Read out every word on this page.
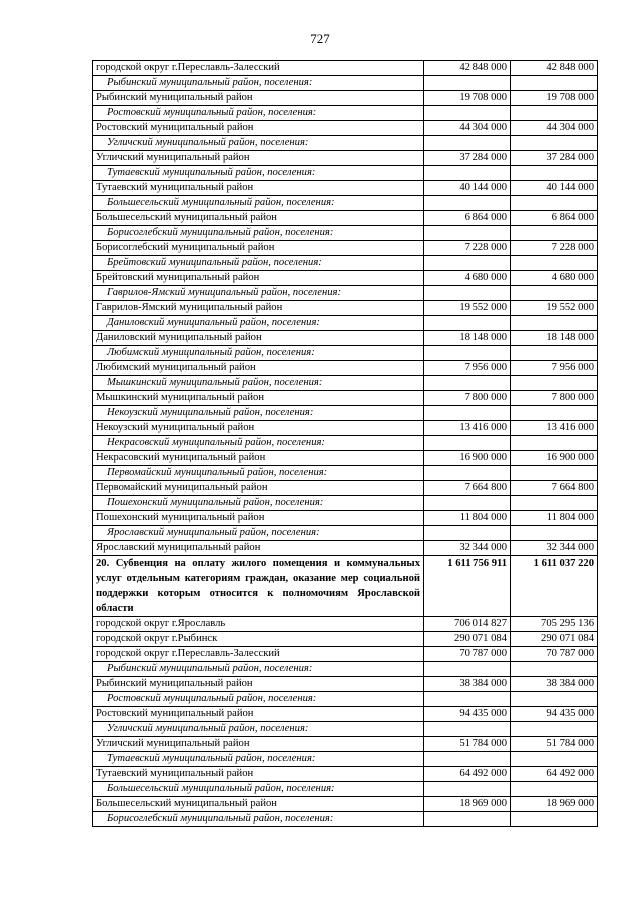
727
городской округ г.Переславль-Залесский	42 848 000	42 848 000
Рыбинский муниципальный район, поселения:		
Рыбинский муниципальный район	19 708 000	19 708 000
Ростовский муниципальный район, поселения:		
Ростовский муниципальный район	44 304 000	44 304 000
Угличский муниципальный район, поселения:		
Угличский муниципальный район	37 284 000	37 284 000
Тутаевский муниципальный район, поселения:		
Тутаевский муниципальный район	40 144 000	40 144 000
Большесельский муниципальный район, поселения:		
Большесельский муниципальный район	6 864 000	6 864 000
Борисоглебский муниципальный район, поселения:		
Борисоглебский муниципальный район	7 228 000	7 228 000
Брейтовский муниципальный район, поселения:		
Брейтовский муниципальный район	4 680 000	4 680 000
Гаврилов-Ямский муниципальный район, поселения:		
Гаврилов-Ямский муниципальный район	19 552 000	19 552 000
Даниловский муниципальный район, поселения:		
Даниловский муниципальный район	18 148 000	18 148 000
Любимский муниципальный район, поселения:		
Любимский муниципальный район	7 956 000	7 956 000
Мышкинский муниципальный район, поселения:		
Мышкинский муниципальный район	7 800 000	7 800 000
Некоузский муниципальный район, поселения:		
Некоузский муниципальный район	13 416 000	13 416 000
Некрасовский муниципальный район, поселения:		
Некрасовский муниципальный район	16 900 000	16 900 000
Первомайский муниципальный район, поселения:		
Первомайский муниципальный район	7 664 800	7 664 800
Пошехонский муниципальный район, поселения:		
Пошехонский муниципальный район	11 804 000	11 804 000
Ярославский муниципальный район, поселения:		
Ярославский муниципальный район	32 344 000	32 344 000
20. Субвенция на оплату жилого помещения и коммунальных услуг отдельным категориям граждан, оказание мер социальной поддержки которым относится к полномочиям Ярославской области	1 611 756 911	1 611 037 220
городской округ г.Ярославль	706 014 827	705 295 136
городской округ г.Рыбинск	290 071 084	290 071 084
городской округ г.Переславль-Залесский	70 787 000	70 787 000
Рыбинский муниципальный район, поселения:		
Рыбинский муниципальный район	38 384 000	38 384 000
Ростовский муниципальный район, поселения:		
Ростовский муниципальный район	94 435 000	94 435 000
Угличский муниципальный район, поселения:		
Угличский муниципальный район	51 784 000	51 784 000
Тутаевский муниципальный район, поселения:		
Тутаевский муниципальный район	64 492 000	64 492 000
Большесельский муниципальный район, поселения:		
Большесельский муниципальный район	18 969 000	18 969 000
Борисоглебский муниципальный район, поселения:		
